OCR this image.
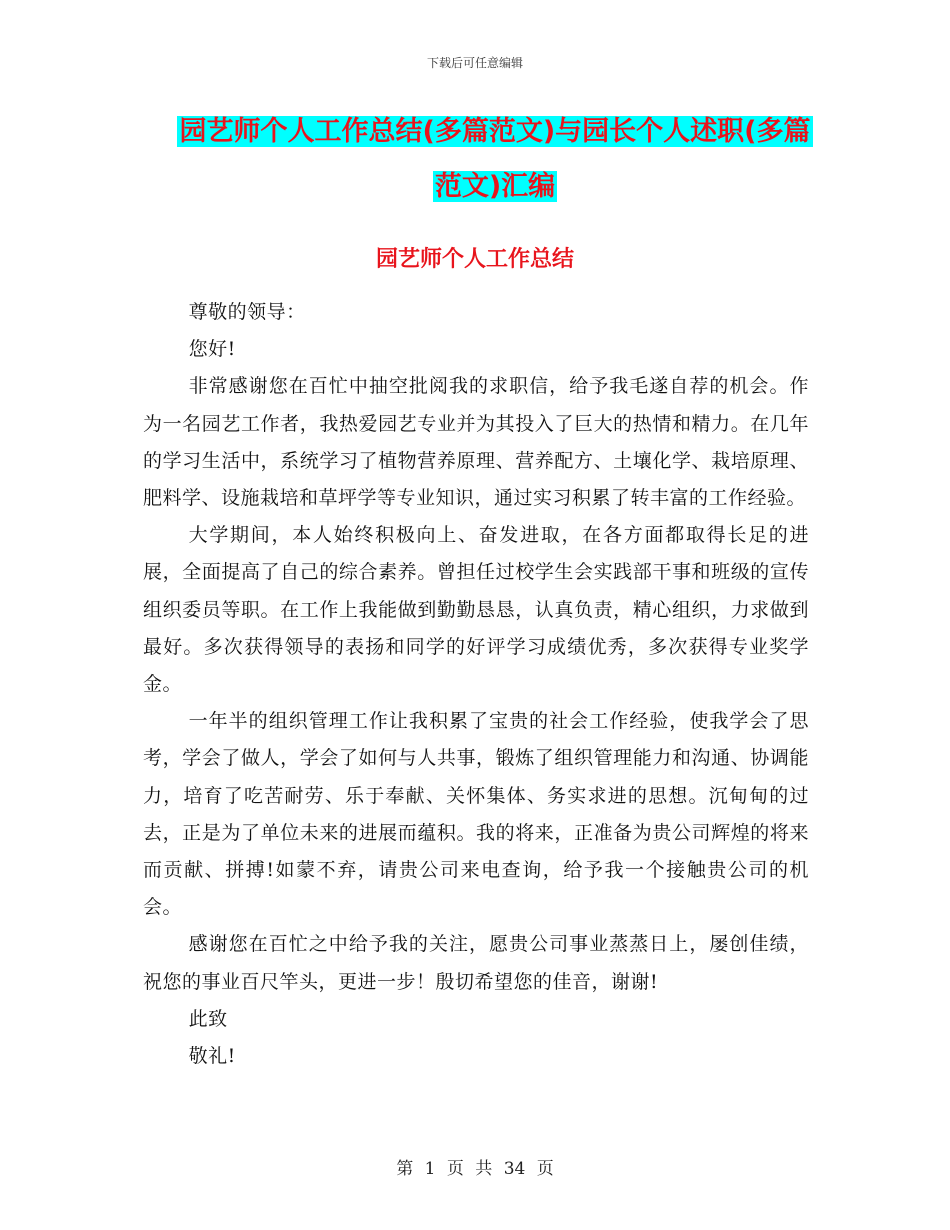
下载后可任意编辑
园艺师个人工作总结(多篇范文)与园长个人述职(多篇
范文)汇编
园艺师个人工作总结

尊敬的领导：

您好!

非常感谢您在百忙中抽空批阅我的求职信，给予我毛遂自荐的机会。作为一名园艺工作者，我热爱园艺专业并为其投入了巨大的热情和精力。在几年的学习生活中，系统学习了植物营养原理、营养配方、土壤化学、栽培原理、肥料学、设施栽培和草坪学等专业知识，通过实习积累了转丰富的工作经验。

大学期间，本人始终积极向上、奋发进取，在各方面都取得长足的进展，全面提高了自己的综合素养。曾担任过校学生会实践部干事和班级的宣传组织委员等职。在工作上我能做到勤勤恳恳，认真负责，精心组织，力求做到最好。多次获得领导的表扬和同学的好评学习成绩优秀，多次获得专业奖学金。

一年半的组织管理工作让我积累了宝贵的社会工作经验，使我学会了思考，学会了做人，学会了如何与人共事，锻炼了组织管理能力和沟通、协调能力，培育了吃苦耐劳、乐于奉献、关怀集体、务实求进的思想。沉甸甸的过去，正是为了单位未来的进展而蕴积。我的将来，正准备为贵公司辉煌的将来而贡献、拼搏!如蒙不弃，请贵公司来电查询，给予我一个接触贵公司的机会。

感谢您在百忙之中给予我的关注，愿贵公司事业蒸蒸日上，屡创佳绩，祝您的事业百尺竿头，更进一步！殷切希望您的佳音，谢谢!

此致

敬礼!

第 1 页 共 34 页
